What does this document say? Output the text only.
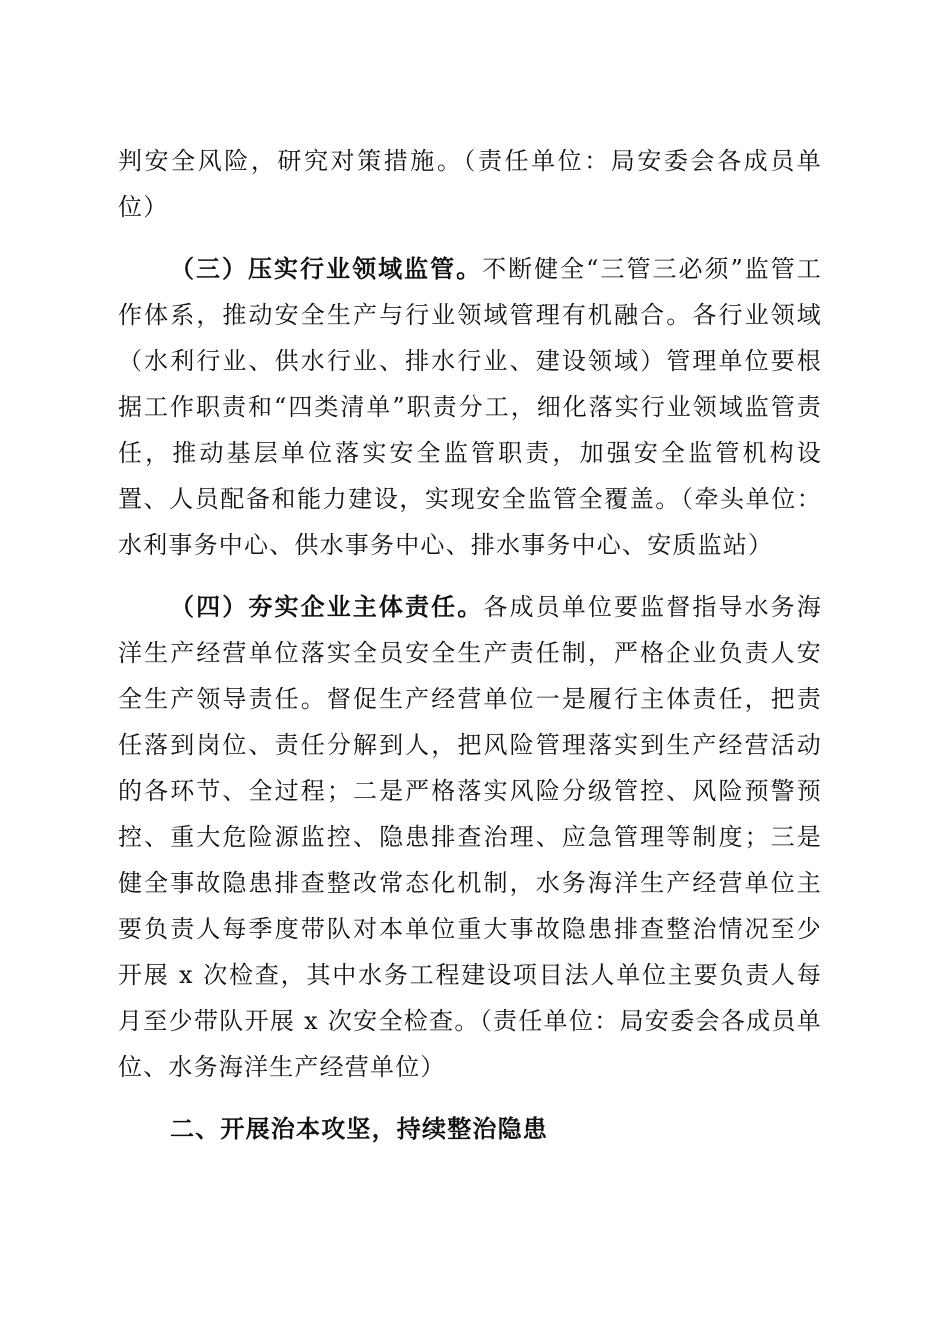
判安全风险，研究对策措施。（责任单位：局安委会各成员单位）

（三）压实行业领域监管。不断健全“三管三必须”监管工作体系，推动安全生产与行业领域管理有机融合。各行业领域（水利行业、供水行业、排水行业、建设领域）管理单位要根据工作职责和“四类清单”职责分工，细化落实行业领域监管责任，推动基层单位落实安全监管职责，加强安全监管机构设置、人员配备和能力建设，实现安全监管全覆盖。（牵头单位：水利事务中心、供水事务中心、排水事务中心、安质监站）

（四）夯实企业主体责任。各成员单位要监督指导水务海洋生产经营单位落实全员安全生产责任制，严格企业负责人安全生产领导责任。督促生产经营单位一是履行主体责任，把责任落到岗位、责任分解到人，把风险管理落实到生产经营活动的各环节、全过程；二是严格落实风险分级管控、风险预警预控、重大危险源监控、隐患排查治理、应急管理等制度；三是健全事故隐患排查整改常态化机制，水务海洋生产经营单位主要负责人每季度带队对本单位重大事故隐患排查整治情况至少开展 x 次检查，其中水务工程建设项目法人单位主要负责人每月至少带队开展 x 次安全检查。（责任单位：局安委会各成员单位、水务海洋生产经营单位）

二、开展治本攻坚，持续整治隐患
